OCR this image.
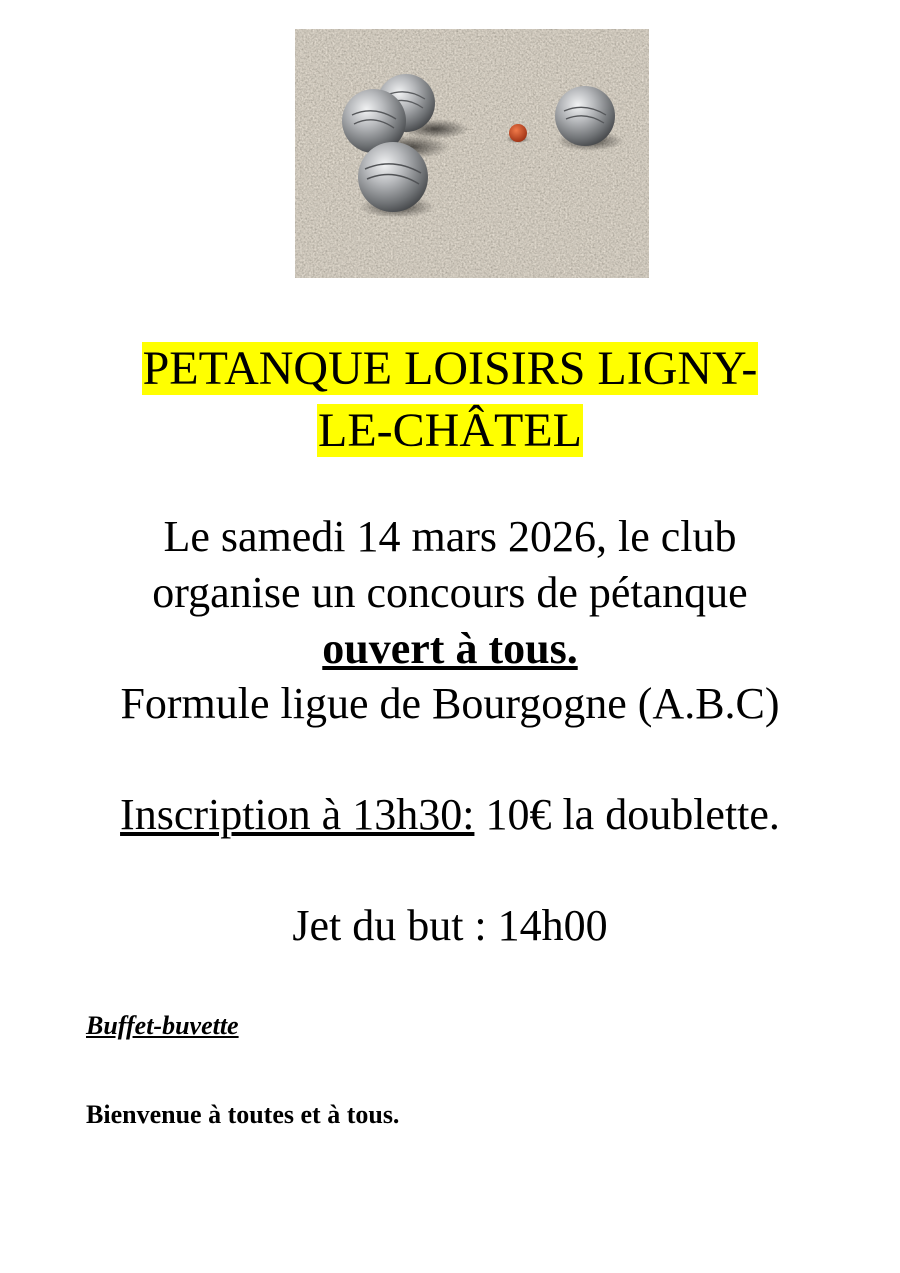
PETANQUE LOISIRS LIGNY-
LE-CHÂTEL
Le samedi 14 mars 2026, le club
organise un concours de pétanque
ouvert à tous.
Formule ligue de Bourgogne (A.B.C)
Inscription à 13h30: 10€ la doublette.
Jet du but : 14h00
Buffet-buvette
Bienvenue à toutes et à tous.
